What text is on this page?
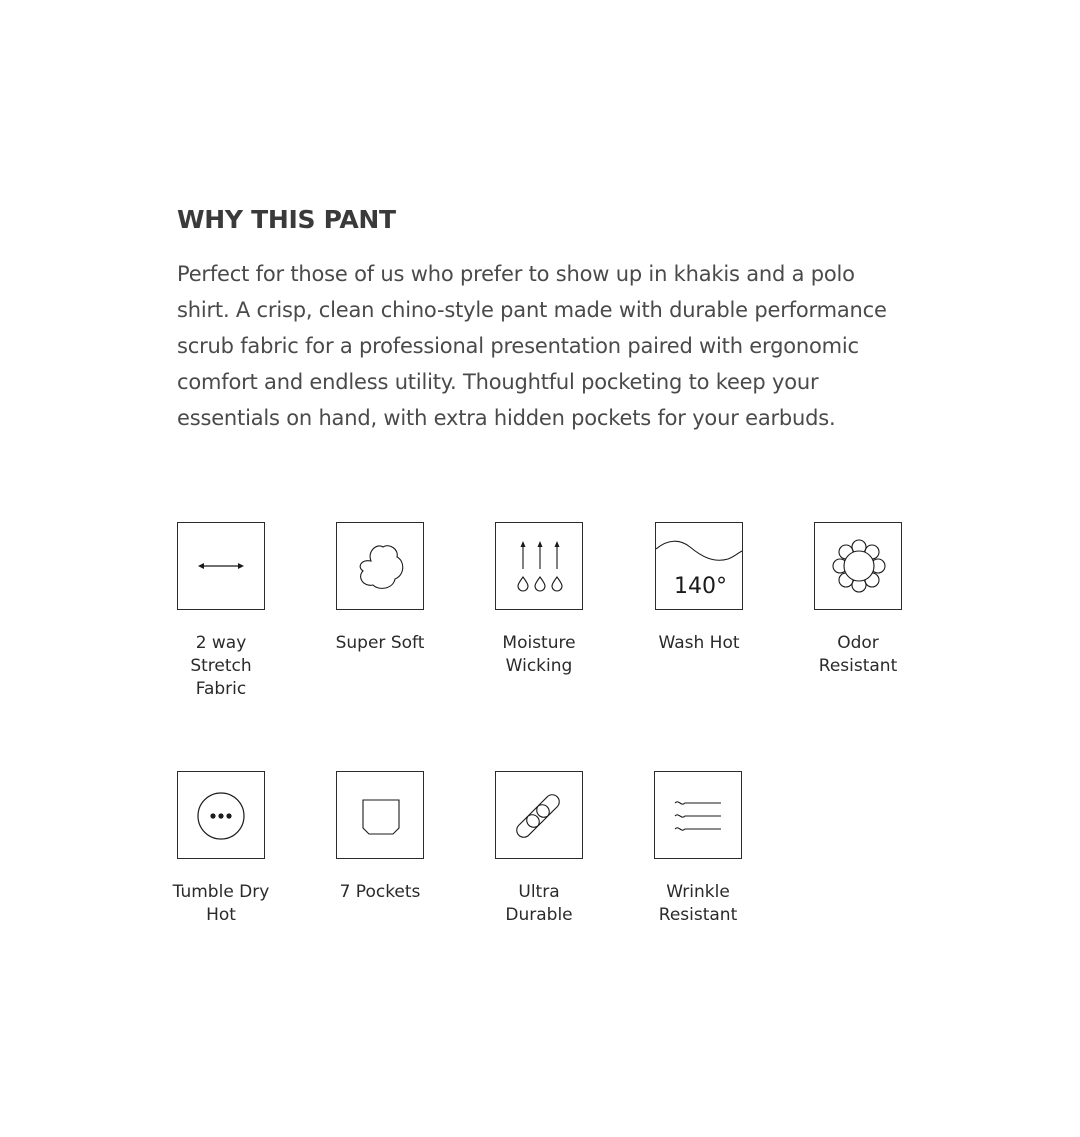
WHY THIS PANT

Perfect for those of us who prefer to show up in khakis and a polo shirt. A crisp, clean chino-style pant made with durable performance scrub fabric for a professional presentation paired with ergonomic comfort and endless utility. Thoughtful pocketing to keep your essentials on hand, with extra hidden pockets for your earbuds.

2 way Stretch Fabric
Super Soft	Moisture Wicking
140°
Wash Hot	Odor Resistant
Tumble Dry Hot
7 Pockets	Ultra Durable
Wrinkle Resistant
